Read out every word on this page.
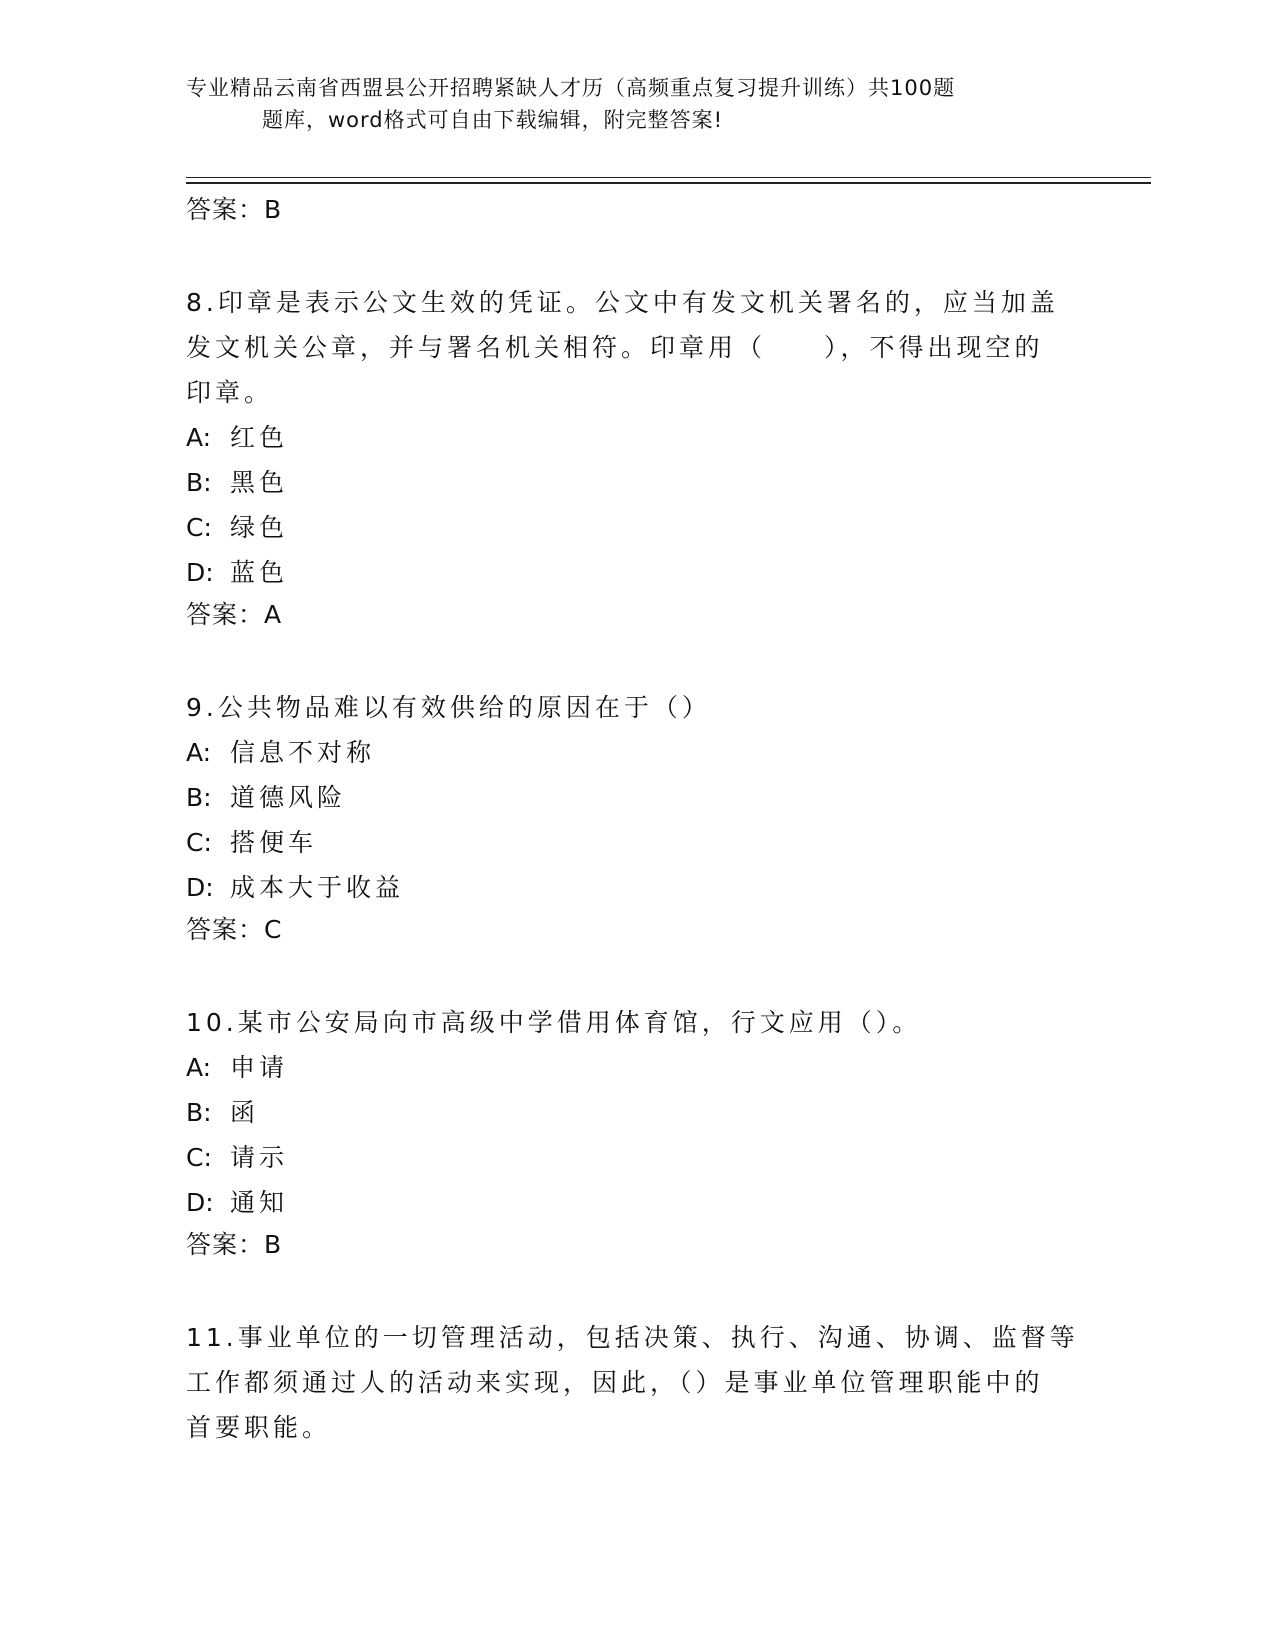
专业精品云南省西盟县公开招聘紧缺人才历（高频重点复习提升训练）共100题
题库，word格式可自由下载编辑，附完整答案!
答案：B

8.印章是表示公文生效的凭证。公文中有发文机关署名的，应当加盖

发文机关公章，并与署名机关相符。印章用（　　），不得出现空的

印章。

A: 红色
B: 黑色
C: 绿色
D: 蓝色
答案：A

9.公共物品难以有效供给的原因在于（）

A: 信息不对称
B: 道德风险
C: 搭便车
D: 成本大于收益
答案：C

10.某市公安局向市高级中学借用体育馆，行文应用（）。

A: 申请
B: 函
C: 请示
D: 通知
答案：B

11.事业单位的一切管理活动，包括决策、执行、沟通、协调、监督等

工作都须通过人的活动来实现，因此，（）是事业单位管理职能中的

首要职能。
